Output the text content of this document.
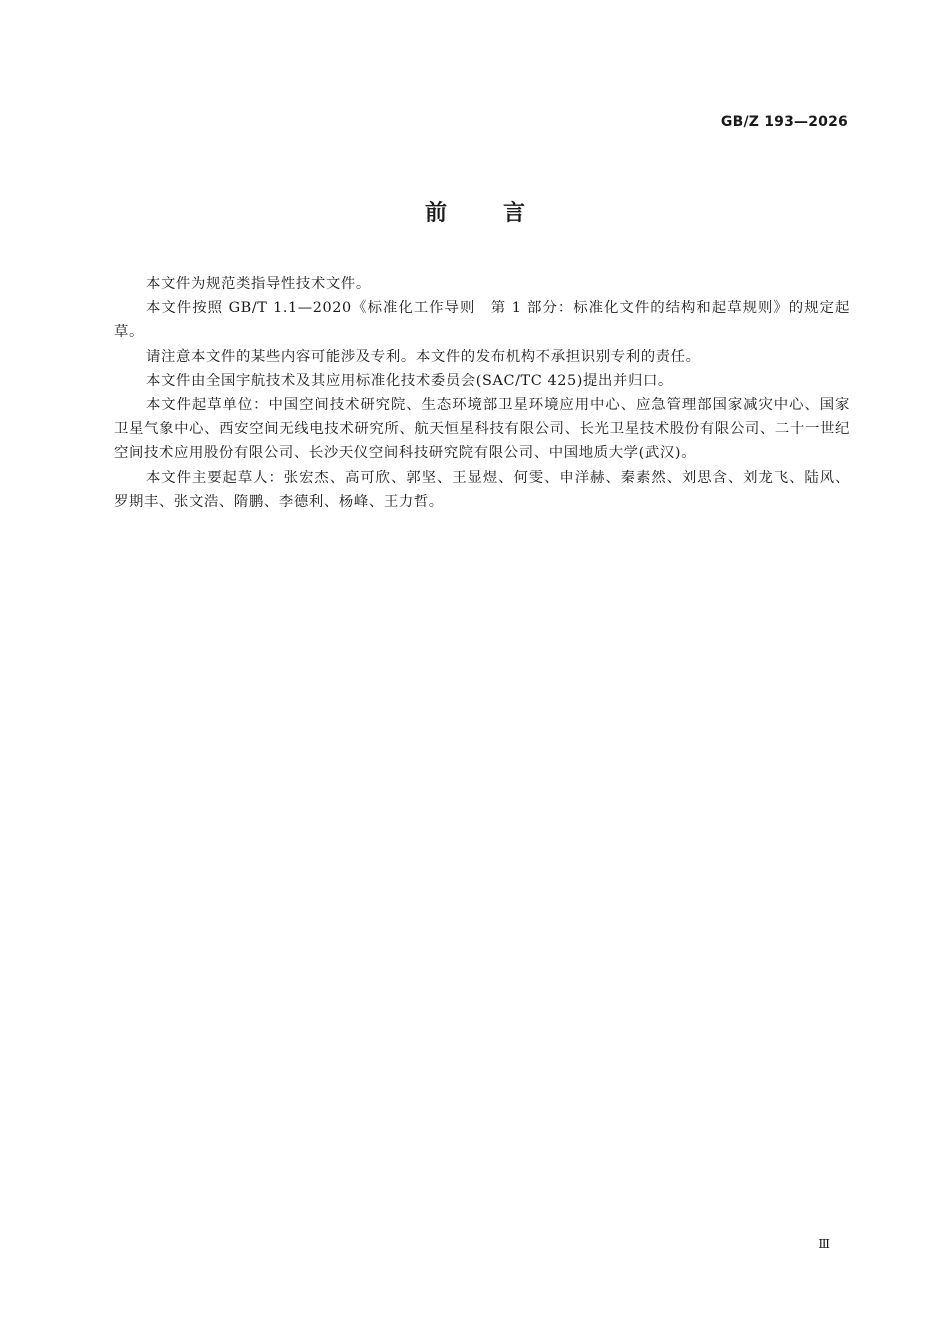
GB/Z 193—2026
前言

本文件为规范类指导性技术文件。

本文件按照 GB/T 1.1—2020《标准化工作导则　第 1 部分：标准化文件的结构和起草规则》的规定起草。

请注意本文件的某些内容可能涉及专利。本文件的发布机构不承担识别专利的责任。

本文件由全国宇航技术及其应用标准化技术委员会(SAC/TC 425)提出并归口。

本文件起草单位：中国空间技术研究院、生态环境部卫星环境应用中心、应急管理部国家减灾中心、国家卫星气象中心、西安空间无线电技术研究所、航天恒星科技有限公司、长光卫星技术股份有限公司、二十一世纪空间技术应用股份有限公司、长沙天仪空间科技研究院有限公司、中国地质大学(武汉)。

本文件主要起草人：张宏杰、高可欣、郭坚、王显煜、何雯、申洋赫、秦素然、刘思含、刘龙飞、陆风、罗期丰、张文浩、隋鹏、李德利、杨峰、王力哲。

Ⅲ
